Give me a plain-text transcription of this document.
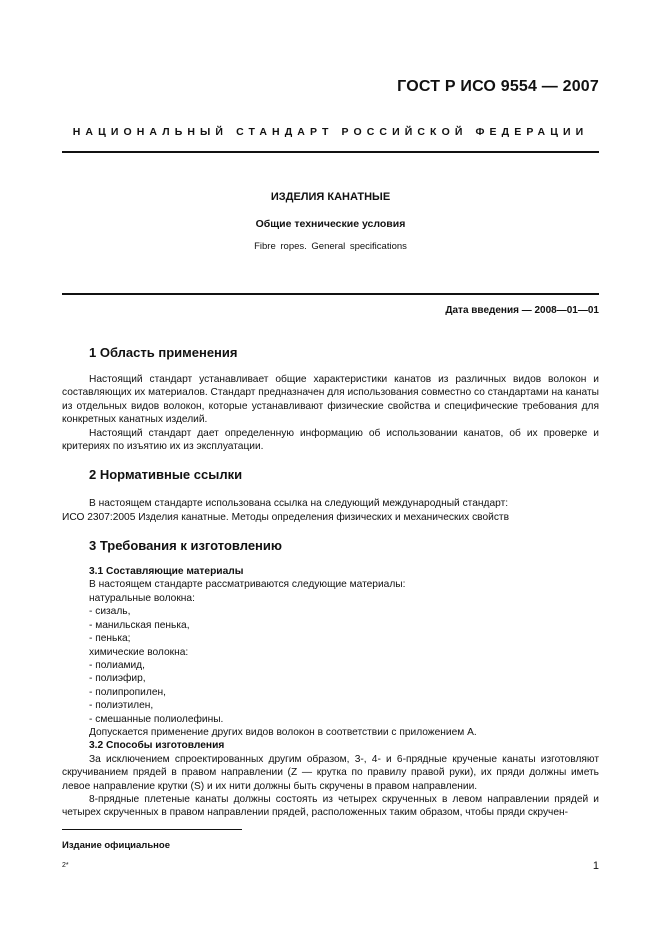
ГОСТ Р ИСО 9554 — 2007
НАЦИОНАЛЬНЫЙ СТАНДАРТ РОССИЙСКОЙ ФЕДЕРАЦИИ
ИЗДЕЛИЯ КАНАТНЫЕ
Общие технические условия
Fibre ropes. General specifications
Дата введения — 2008—01—01
1 Область применения
Настоящий стандарт устанавливает общие характеристики канатов из различных видов волокон и составляющих их материалов. Стандарт предназначен для использования совместно со стандартами на канаты из отдельных видов волокон, которые устанавливают физические свойства и специфические требования для конкретных канатных изделий.
Настоящий стандарт дает определенную информацию об использовании канатов, об их проверке и критериях по изъятию их из эксплуатации.
2 Нормативные ссылки
В настоящем стандарте использована ссылка на следующий международный стандарт:
ИСО 2307:2005 Изделия канатные. Методы определения физических и механических свойств
3 Требования к изготовлению
3.1 Составляющие материалы
В настоящем стандарте рассматриваются следующие материалы:
натуральные волокна:
- сизаль,
- манильская пенька,
- пенька;
химические волокна:
- полиамид,
- полиэфир,
- полипропилен,
- полиэтилен,
- смешанные полиолефины.
Допускается применение других видов волокон в соответствии с приложением А.
3.2 Способы изготовления
За исключением спроектированных другим образом, 3-, 4- и 6-прядные крученые канаты изготовляют скручиванием прядей в правом направлении (Z — крутка по правилу правой руки), их пряди должны иметь левое направление крутки (S) и их нити должны быть скручены в правом направлении.
8-прядные плетеные канаты должны состоять из четырех скрученных в левом направлении прядей и четырех скрученных в правом направлении прядей, расположенных таким образом, чтобы пряди скручен-
Издание официальное
2*	1
